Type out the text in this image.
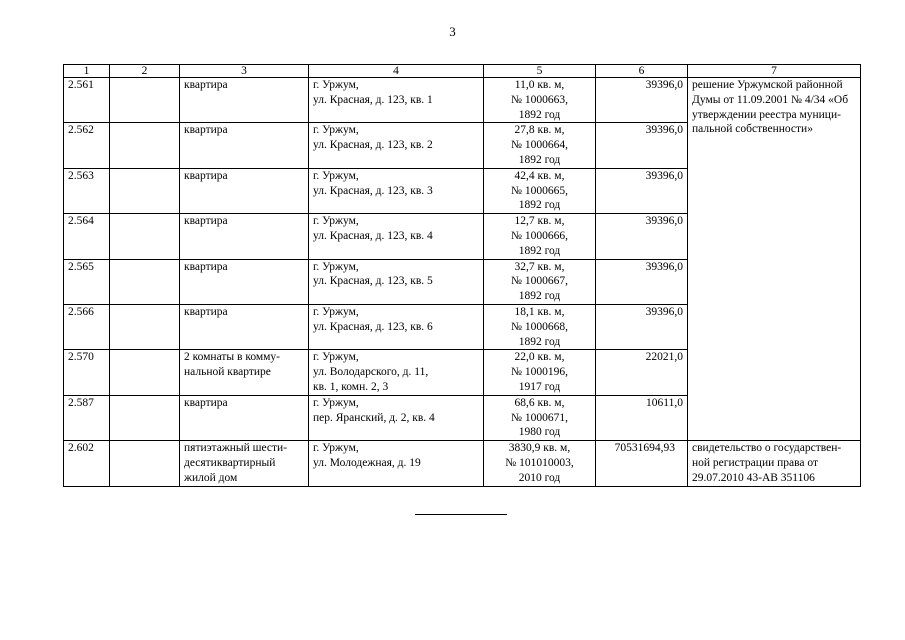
3
1	2	3	4	5	6	7
2.561		квартира	г. Уржум,
ул. Красная, д. 123, кв. 1	11,0 кв. м,
№ 1000663,
1892 год	39396,0	решение Уржумской районной
Думы от 11.09.2001 № 4/34 «Об
утверждении реестра муници-
пальной собственности»

2.562		квартира	г. Уржум,
ул. Красная, д. 123, кв. 2	27,8 кв. м,
№ 1000664,
1892 год	39396,0	
2.563		квартира	г. Уржум,
ул. Красная, д. 123, кв. 3	42,4 кв. м,
№ 1000665,
1892 год	39396,0	
2.564		квартира	г. Уржум,
ул. Красная, д. 123, кв. 4	12,7 кв. м,
№ 1000666,
1892 год	39396,0	
2.565		квартира	г. Уржум,
ул. Красная, д. 123, кв. 5	32,7 кв. м,
№ 1000667,
1892 год	39396,0	
2.566		квартира	г. Уржум,
ул. Красная, д. 123, кв. 6	18,1 кв. м,
№ 1000668,
1892 год	39396,0	
2.570		2 комнаты в комму-
нальной квартире	г. Уржум,
ул. Володарского, д. 11,
кв. 1, комн. 2, 3	22,0 кв. м,
№ 1000196,
1917 год	22021,0	
2.587		квартира	г. Уржум,
пер. Яранский, д. 2, кв. 4	68,6 кв. м,
№ 1000671,
1980 год	10611,0	
2.602		пятиэтажный шести-
десятиквартирный
жилой дом	г. Уржум,
ул. Молодежная, д. 19	3830,9 кв. м,
№ 101010003,
2010 год	70531694,93	свидетельство о государствен-
ной регистрации права от
29.07.2010 43-АВ 351106
